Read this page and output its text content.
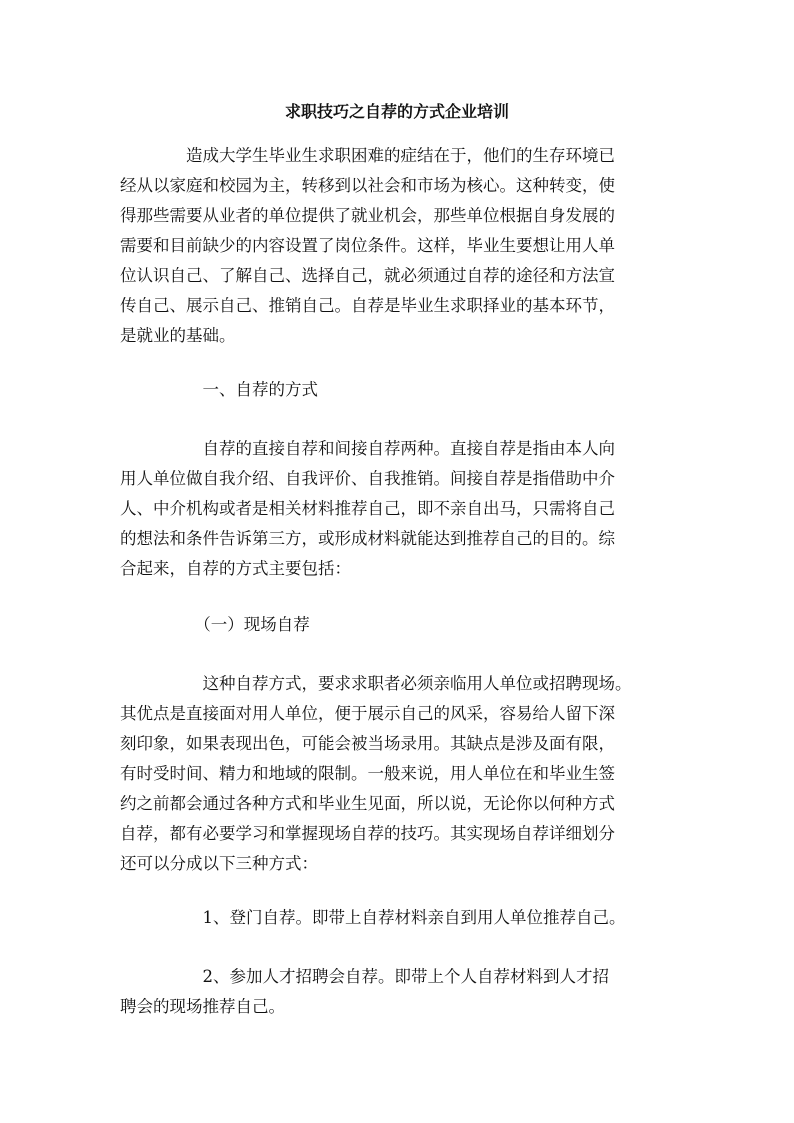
求职技巧之自荐的方式企业培训
　　　　造成大学生毕业生求职困难的症结在于，他们的生存环境已
经从以家庭和校园为主，转移到以社会和市场为核心。这种转变，使
得那些需要从业者的单位提供了就业机会，那些单位根据自身发展的
需要和目前缺少的内容设置了岗位条件。这样，毕业生要想让用人单
位认识自己、了解自己、选择自己，就必须通过自荐的途径和方法宣
传自己、展示自己、推销自己。自荐是毕业生求职择业的基本环节，
是就业的基础。
　　　　　一、自荐的方式
　　　　　自荐的直接自荐和间接自荐两种。直接自荐是指由本人向
用人单位做自我介绍、自我评价、自我推销。间接自荐是指借助中介
人、中介机构或者是相关材料推荐自己，即不亲自出马，只需将自己
的想法和条件告诉第三方，或形成材料就能达到推荐自己的目的。综
合起来，自荐的方式主要包括：
　　　　　（一）现场自荐
　　　　　这种自荐方式，要求求职者必须亲临用人单位或招聘现场。
其优点是直接面对用人单位，便于展示自己的风采，容易给人留下深
刻印象，如果表现出色，可能会被当场录用。其缺点是涉及面有限，
有时受时间、精力和地域的限制。一般来说，用人单位在和毕业生签
约之前都会通过各种方式和毕业生见面，所以说，无论你以何种方式
自荐，都有必要学习和掌握现场自荐的技巧。其实现场自荐详细划分
还可以分成以下三种方式：
　　　　　1、登门自荐。即带上自荐材料亲自到用人单位推荐自己。
　　　　　2、参加人才招聘会自荐。即带上个人自荐材料到人才招
聘会的现场推荐自己。
